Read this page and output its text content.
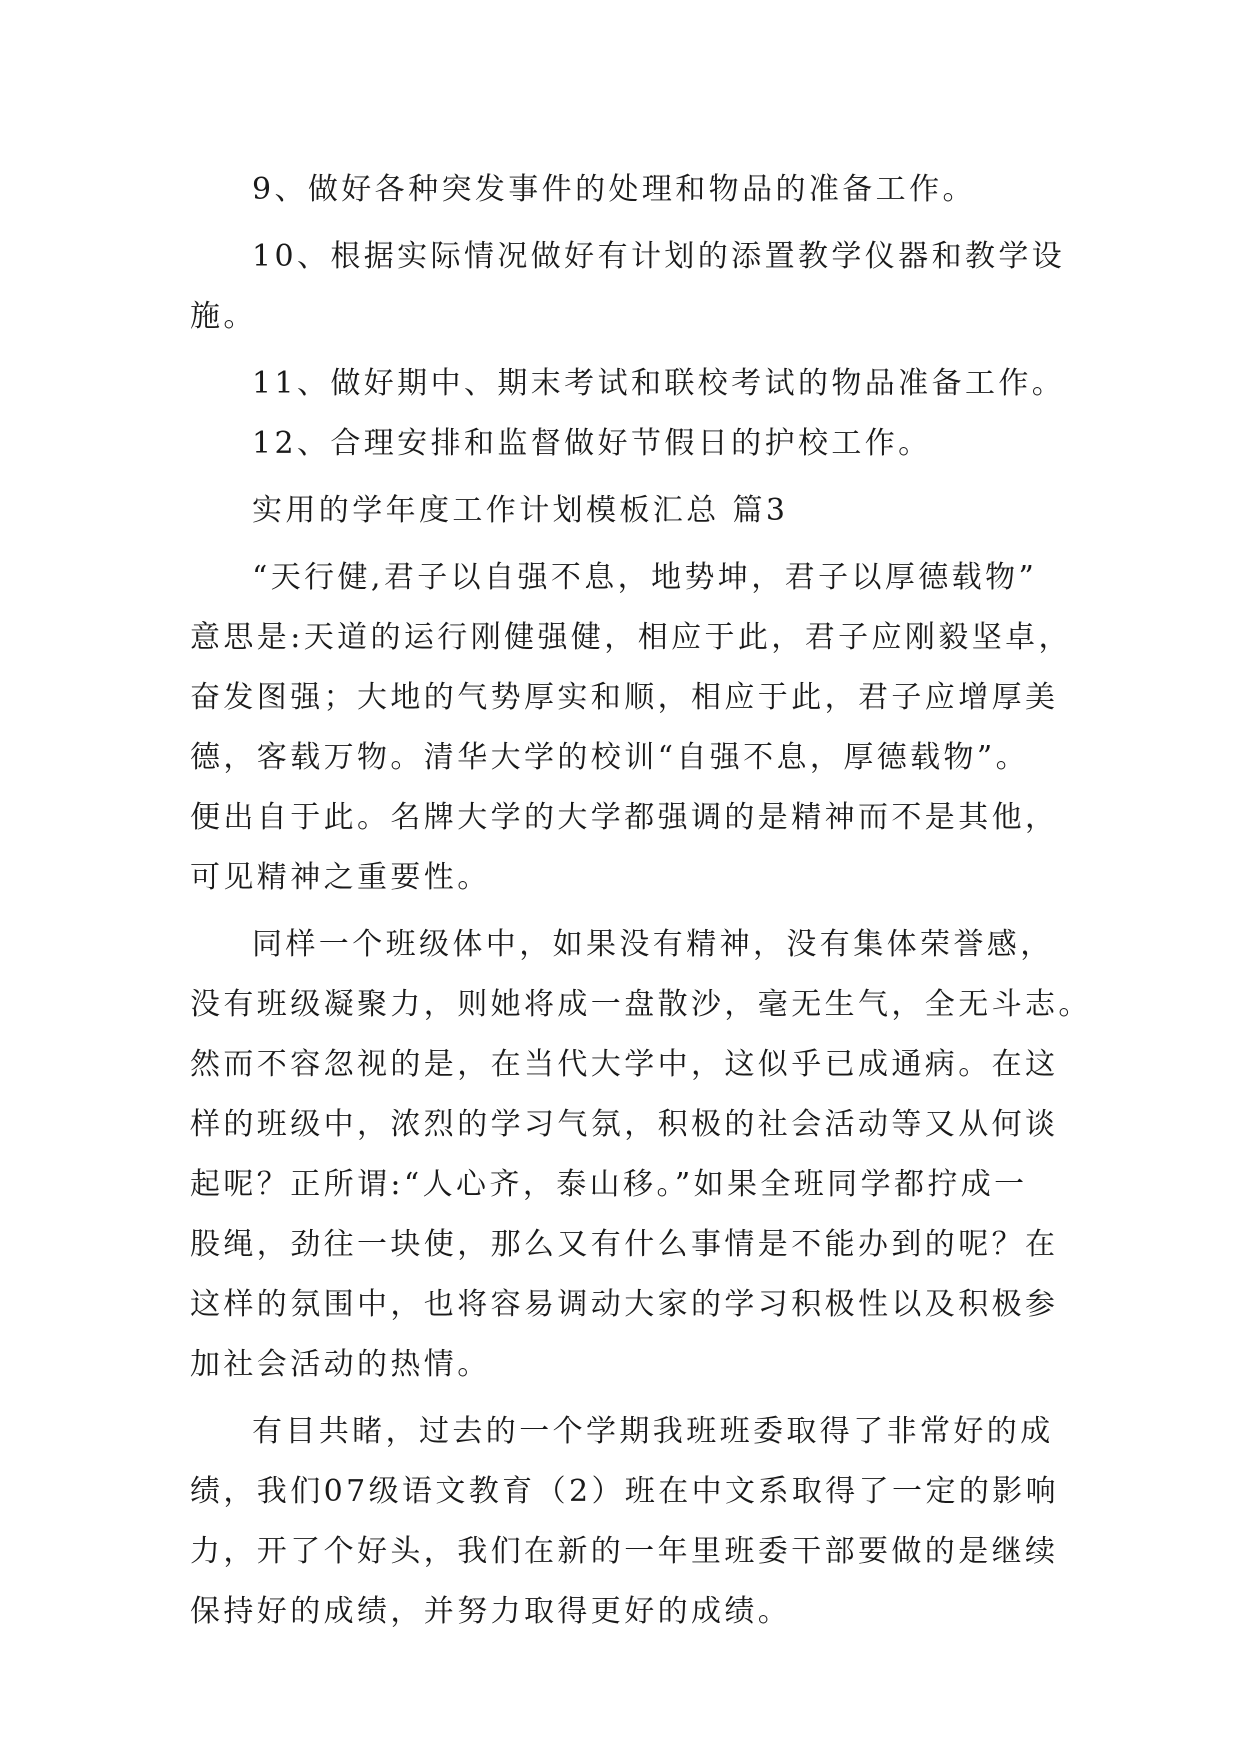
9、做好各种突发事件的处理和物品的准备工作。

10、根据实际情况做好有计划的添置教学仪器和教学设

施。

11、做好期中、期末考试和联校考试的物品准备工作。

12、合理安排和监督做好节假日的护校工作。

实用的学年度工作计划模板汇总 篇3

“天行健,君子以自强不息，地势坤，君子以厚德载物”

意思是:天道的运行刚健强健，相应于此，君子应刚毅坚卓，

奋发图强；大地的气势厚实和顺，相应于此，君子应增厚美

德，客载万物。清华大学的校训“自强不息，厚德载物”。

便出自于此。名牌大学的大学都强调的是精神而不是其他，

可见精神之重要性。

同样一个班级体中，如果没有精神，没有集体荣誉感，

没有班级凝聚力，则她将成一盘散沙，毫无生气，全无斗志。

然而不容忽视的是，在当代大学中，这似乎已成通病。在这

样的班级中，浓烈的学习气氛，积极的社会活动等又从何谈

起呢？正所谓:“人心齐，泰山移。”如果全班同学都拧成一

股绳，劲往一块使，那么又有什么事情是不能办到的呢？在

这样的氛围中，也将容易调动大家的学习积极性以及积极参

加社会活动的热情。

有目共睹，过去的一个学期我班班委取得了非常好的成

绩，我们07级语文教育（2）班在中文系取得了一定的影响

力，开了个好头，我们在新的一年里班委干部要做的是继续

保持好的成绩，并努力取得更好的成绩。
